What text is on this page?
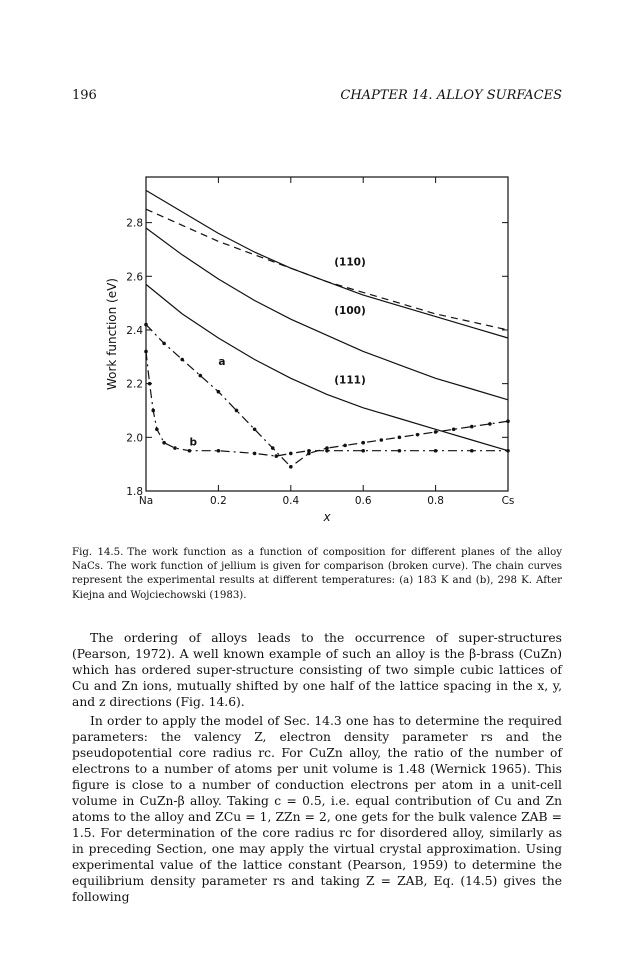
196	CHAPTER 14. ALLOY SURFACES
Na	0.2	0.4	0.6	0.8	Cs
1.8
2.0
2.2
2.4
2.6
2.8
x
Work function (eV)
(110)
(100)
(111)
a
b
Fig. 14.5. The work function as a function of composition for different planes of the alloy NaCs. The work function of jellium is given for comparison (broken curve). The chain curves represent the experimental results at different temperatures: (a) 183 K and (b), 298 K. After Kiejna and Wojciechowski (1983).

The ordering of alloys leads to the occurrence of super-structures (Pearson, 1972). A well known example of such an alloy is the β-brass (CuZn) which has ordered super-structure consisting of two simple cubic lattices of Cu and Zn ions, mutually shifted by one half of the lattice spacing in the x, y, and z directions (Fig. 14.6).

In order to apply the model of Sec. 14.3 one has to determine the required parameters: the valency Z, electron density parameter rs and the pseudopotential core radius rc. For CuZn alloy, the ratio of the number of electrons to a number of atoms per unit volume is 1.48 (Wernick 1965). This figure is close to a number of conduction electrons per atom in a unit-cell volume in CuZn-β alloy. Taking c = 0.5, i.e. equal contribution of Cu and Zn atoms to the alloy and ZCu = 1, ZZn = 2, one gets for the bulk valence ZAB = 1.5. For determination of the core radius rc for disordered alloy, similarly as in preceding Section, one may apply the virtual crystal approximation. Using experimental value of the lattice constant (Pearson, 1959) to determine the equilibrium density parameter rs and taking Z = ZAB, Eq. (14.5) gives the following
